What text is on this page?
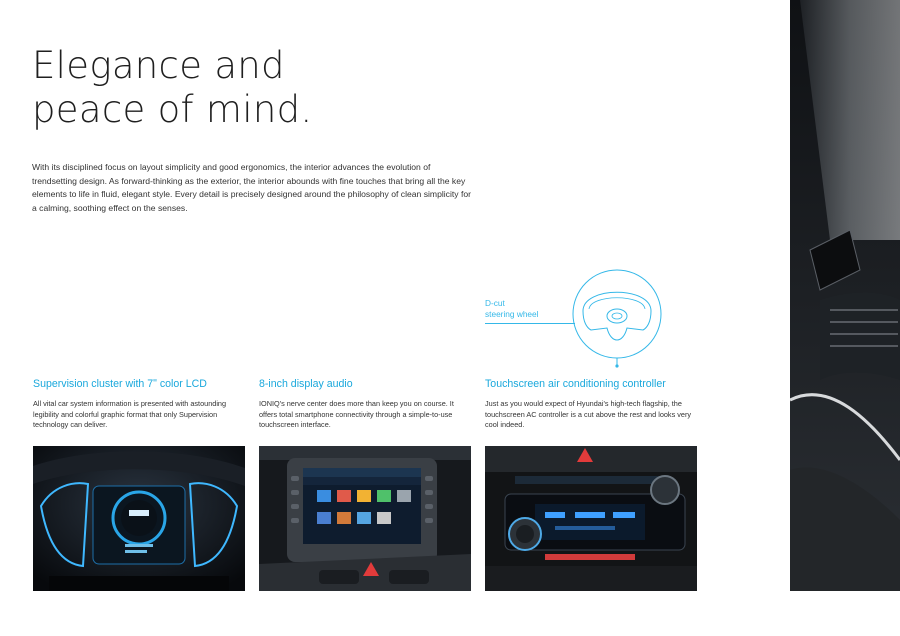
Elegance and
peace of mind.

With its disciplined focus on layout simplicity and good ergonomics, the interior advances the evolution of trendsetting design. As forward-thinking as the exterior, the interior abounds with fine touches that bring all the key elements to life in fluid, elegant style. Every detail is precisely designed around the philosophy of clean simplicity for a calming, soothing effect on the senses.

D-cut
steering wheel
Supervision cluster with 7ʺ color LCD

All vital car system information is presented with astounding legibility and colorful graphic format that only Supervision technology can deliver.

8-inch display audio

IONIQ's nerve center does more than keep you on course. It offers total smartphone connectivity through a simple-to-use touchscreen interface.

Touchscreen air conditioning controller

Just as you would expect of Hyundai's high-tech flagship, the touchscreen AC controller is a cut above the rest and looks very cool indeed.
